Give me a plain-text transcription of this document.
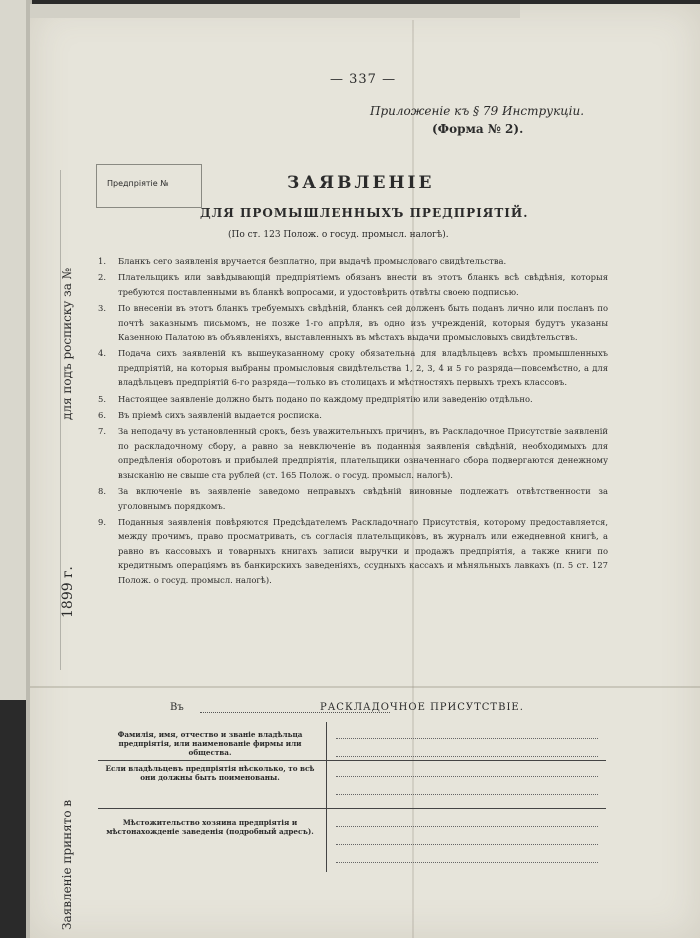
— 337 —
Приложеніе къ § 79 Инструкціи.
(Форма № 2).
Предпріятіе №
для подъ росписку за №
1899 г.
Заявленіе принято в
ЗАЯВЛЕНІЕ
ДЛЯ ПРОМЫШЛЕННЫХЪ ПРЕДПРІЯТІЙ.
(По ст. 123 Полож. о госуд. промысл. налогѣ).
1. Бланкъ сего заявленія вручается безплатно, при выдачѣ промысловаго свидѣтельства.
2. Плательщикъ или завѣдывающій предпріятіемъ обязанъ внести въ этотъ бланкъ всѣ свѣдѣнія, которыя требуются поставленными въ бланкѣ вопросами, и удостовѣрить отвѣты своею подписью.
3. По внесеніи въ этотъ бланкъ требуемыхъ свѣдѣній, бланкъ сей долженъ быть поданъ лично или посланъ по почтѣ заказнымъ письмомъ, не позже 1-го апрѣля, въ одно изъ учрежденій, которыя будутъ указаны Казенною Палатою въ объявленіяхъ, выставленныхъ въ мѣстахъ выдачи промысловыхъ свидѣтельствъ.
4. Подача сихъ заявленій къ вышеуказанному сроку обязательна для владѣльцевъ всѣхъ промышленныхъ предпріятій, на которыя выбраны промысловыя свидѣтельства 1, 2, 3, 4 и 5 го разряда—повсемѣстно, а для владѣльцевъ предпріятій 6-го разряда—только въ столицахъ и мѣстностяхъ первыхъ трехъ классовъ.
5. Настоящее заявленіе должно быть подано по каждому предпріятію или заведенію отдѣльно.
6. Въ пріемѣ сихъ заявленій выдается росписка.
7. За неподачу въ установленный срокъ, безъ уважительныхъ причинъ, въ Раскладочное Присутствіе заявленій по раскладочному сбору, а равно за невключеніе въ поданныя заявленія свѣдѣній, необходимыхъ для опредѣленія оборотовъ и прибылей предпріятія, плательщики означеннаго сбора подвергаются денежному взысканію не свыше ста рублей (ст. 165 Полож. о госуд. промысл. налогѣ).
8. За включеніе въ заявленіе заведомо неправыхъ свѣдѣній виновные подлежатъ отвѣтственности за уголовнымъ порядкомъ.
9. Поданныя заявленія повѣряются Предсѣдателемъ Раскладочнаго Присутствія, которому предоставляется, между прочимъ, право просматривать, съ согласія плательщиковъ, въ журналъ или ежедневной книгѣ, а равно въ кассовыхъ и товарныхъ книгахъ записи выручки и продажъ предпріятія, а также книги по кредитнымъ операціямъ въ банкирскихъ заведеніяхъ, ссудныхъ кассахъ и мѣняльныхъ лавкахъ (п. 5 ст. 127 Полож. о госуд. промысл. налогѣ).
Въ	РАСКЛАДОЧНОЕ ПРИСУТСТВІЕ.
Фамилія, имя, отчество и званіе владѣльца предпріятія, или наименованіе фирмы или общества.
Если владѣльцевъ предпріятія нѣсколько, то всѣ они должны быть поименованы.
Мѣстожительство хозяина предпріятія и мѣстонахожденіе заведенія (подробный адресъ).
